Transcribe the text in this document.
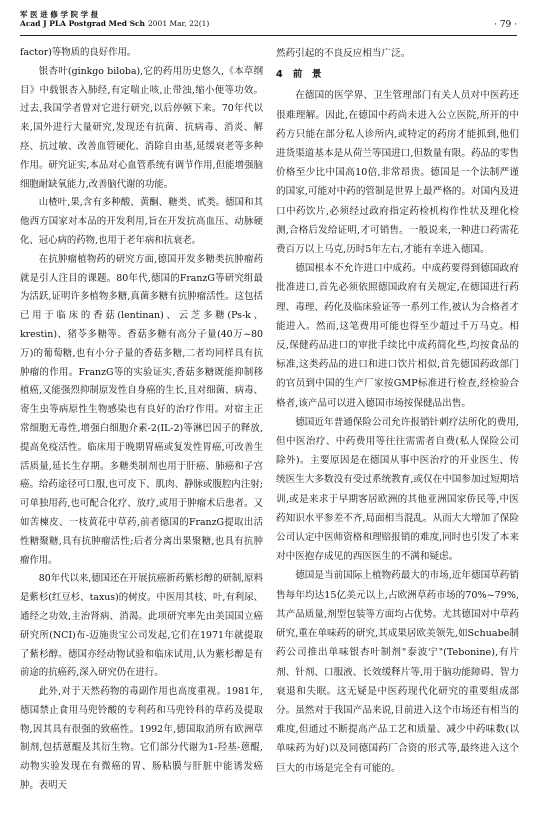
军 医 进 修 学 院 学 报
Acad J PLA Postgrad Med Sch 2001 Mar, 22(1)	· 79 ·

factor)等物质的良好作用。

银杏叶(ginkgo biloba),它的药用历史悠久,《本草纲目》中载银杏入肺经,有定喘止咳,止带浊,缩小便等功效。过去,我国学者曾对它进行研究,以后停顿下来。70年代以来,国外进行大量研究,发现还有抗菌、抗病毒、消炎、解痉、抗过敏、改善血管硬化、消除自由基,延缓衰老等多种作用。研究证实,本品对心血管系统有调节作用,但能增强脑细胞耐缺氧能力,改善脑代谢的功能。

山楂叶,果,含有多种酸、黄酮、糖类、甙类。德国和其他西方国家对本品的开发利用,旨在开发抗高血压、动脉硬化、冠心病的药物,也用于老年病和抗衰老。

在抗肿瘤植物药的研究方面,德国开发多糖类抗肿瘤药就是引人注目的课题。80年代,德国的FranzG等研究组最为活跃,证明许多植物多糖,真菌多糖有抗肿瘤活性。这包括已用于临床的香菇(lentinan)、云芝多糖(Ps-k、krestin)、猪苓多糖等。香菇多糖有高分子量(40万~80万)的葡萄糖,也有小分子量的香菇多糖,二者均同样具有抗肿瘤的作用。FranzG等的实验证实,香菇多糖既能抑制移植癌,又能强烈抑制原发性自身癌的生长,且对细菌、病毒、寄生虫等病原性生物感染也有良好的治疗作用。对宿主正常细胞无毒性,增强白细胞介素-2(IL-2)等淋巴因子的释放,提高免疫活性。临床用于晚期胃癌或复发性胃癌,可改善生活质量,延长生存期。多糖类制剂也用于肝癌、肺癌和子宫癌。给药途径可口服,也可皮下、肌肉、静脉或腹腔内注射;可单独用药,也可配合化疗、放疗,或用于肿瘤术后患者。又如苦楝皮、一枝黄花中草药,前者德国的FranzG提取出活性糖聚糖,具有抗肿瘤活性;后者分离出果聚糖,也具有抗肿瘤作用。

80年代以来,德国还在开展抗癌新药紫杉醇的研制,原料是紫杉(红豆杉、taxus)的树皮。中医用其枝、叶,有利尿、通经之功效,主治肾病、消渴。此项研究率先由美国国立癌研究所(NCI)布-迈施贵宝公司发起,它们在1971年就提取了紫杉醇。德国亦经动物试验和临床试用,认为紫杉醇是有前途的抗癌药,深入研究仍在进行。

此外,对于天然药物的毒副作用也高度重视。1981年,德国禁止食用马兜铃酸的专利药和马兜铃科的草药及提取物,因其具有很强的致癌性。1992年,德国取消所有欧洲草制剂,包括蒽醌及其衍生物。它们部分代谢为1-羟基-蒽醌,动物实验发现在有微癌的胃、肠粘膜与肝脏中能诱发癌肿。表明天

然药引起的不良反应相当广泛。

4 前　景

在德国的医学界、卫生管理部门有关人员对中医药还很难理解。因此,在德国中药尚未进入公立医院,所开的中药方只能在部分私人诊所内,或特定的药房才能抓到,他们进货渠道基本是从荷兰等国进口,但数量有限。药品的零售价格至少比中国高10倍,非常昂贵。德国是一个法制严谨的国家,可能对中药的管制是世界上最严格的。对国内及进口中药饮片,必须经过政府指定药检机构作性状及理化检测,合格后发给证明,才可销售。一般说来,一种进口药需花费百万以上马克,历时5年左右,才能有幸进入德国。

德国根本不允许进口中成药。中成药要得到德国政府批准进口,首先必须依照德国政府有关规定,在德国进行药理、毒理、药化及临床验证等一系列工作,被认为合格者才能进入。然而,这笔费用可能也得至少超过千万马克。相反,保健药品进口的审批手续比中成药简化些,均按食品的标准,这类药品的进口和进口饮片相似,首先德国药政部门的官员到中国的生产厂家按GMP标准进行检查,经检验合格者,该产品可以进入德国市场按保健品出售。

德国近年普通保险公司允许报销针刺疗法所化的费用,但中医治疗、中药费用等往往需需者自费(私人保险公司除外)。主要原因是在德国从事中医治疗的开业医生、传统医生大多数没有受过系统教育,或仅在中国参加过短期培训,或是来求于早期客居欧洲的其他亚洲国家侨民等,中医药知识水平参差不齐,局面相当混乱。从而大大增加了保险公司认定中医师资格和理赔报销的难度,同时也引发了本来对中医抱存成见的西医医生的不满和疑虑。

德国是当前国际上植物药最大的市场,近年德国草药销售每年均达15亿美元以上,占欧洲草药市场的70%~79%,其产品质量,剂型包装等方面均占优势。尤其德国对中草药研究,重在单味药的研究,其成果居欧美领先,如Schuabe制药公司推出单味银杏叶制剂"泰波宁"(Tebonine),有片剂、针剂、口服液、长效缓释片等,用于脑功能障碍、智力衰退和失眠。这无疑是中医药现代化研究的重要组成部分。虽然对于我国产品来说,目前进入这个市场还有相当的难度,但通过不断提高产品工艺和质量、减少中药味数(以单味药为好)以及同德国药厂合资的形式等,最终进入这个巨大的市场是完全有可能的。
